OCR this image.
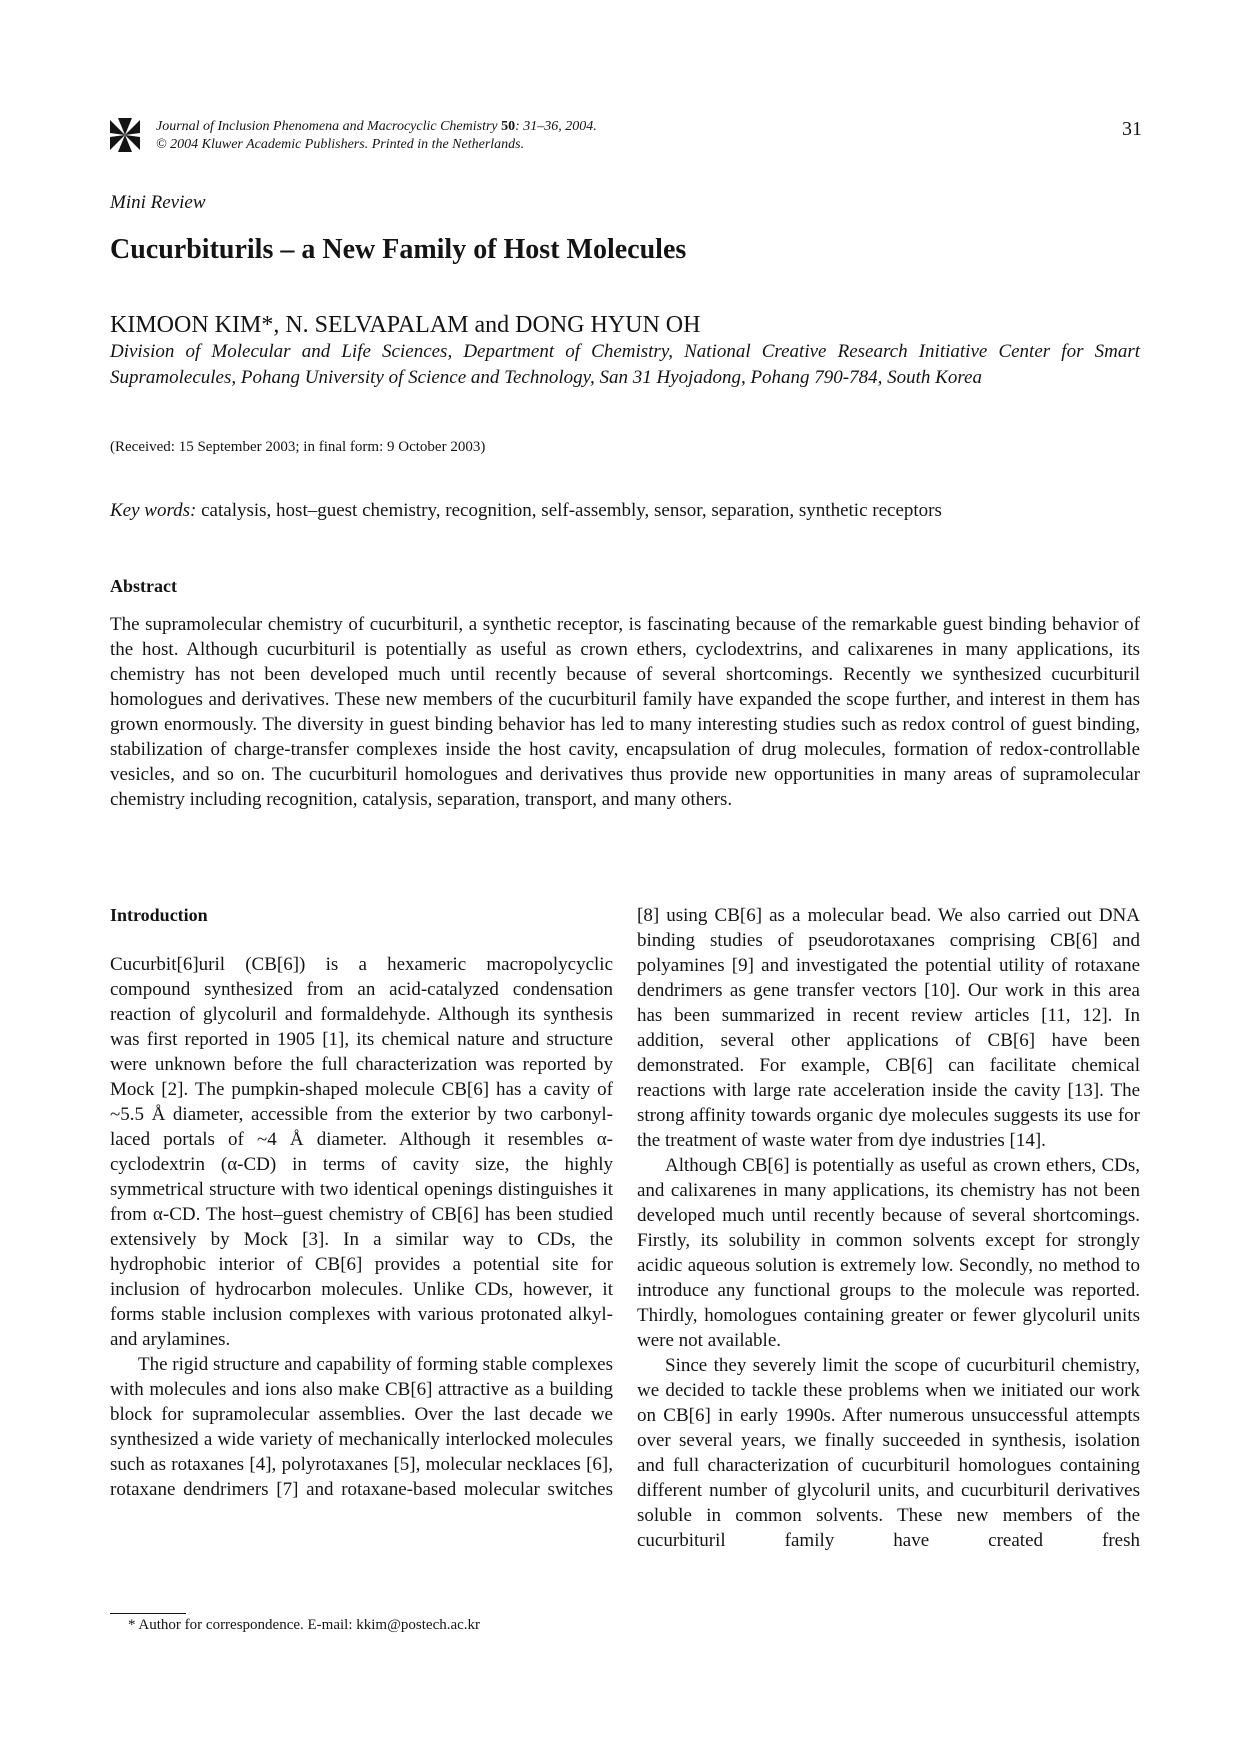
Journal of Inclusion Phenomena and Macrocyclic Chemistry 50: 31–36, 2004.
© 2004 Kluwer Academic Publishers. Printed in the Netherlands.
31
Mini Review
Cucurbiturils – a New Family of Host Molecules
KIMOON KIM*, N. SELVAPALAM and DONG HYUN OH
Division of Molecular and Life Sciences, Department of Chemistry, National Creative Research Initiative Center for Smart Supramolecules, Pohang University of Science and Technology, San 31 Hyojadong, Pohang 790-784, South Korea
(Received: 15 September 2003; in final form: 9 October 2003)
Key words: catalysis, host–guest chemistry, recognition, self-assembly, sensor, separation, synthetic receptors
Abstract

The supramolecular chemistry of cucurbituril, a synthetic receptor, is fascinating because of the remarkable guest binding behavior of the host. Although cucurbituril is potentially as useful as crown ethers, cyclodextrins, and calixarenes in many applications, its chemistry has not been developed much until recently because of several shortcomings. Recently we synthesized cucurbituril homologues and derivatives. These new members of the cucurbituril family have expanded the scope further, and interest in them has grown enormously. The diversity in guest binding behavior has led to many interesting studies such as redox control of guest binding, stabilization of charge-transfer complexes inside the host cavity, encapsulation of drug molecules, formation of redox-controllable vesicles, and so on. The cucurbituril homologues and derivatives thus provide new opportunities in many areas of supramolecular chemistry including recognition, catalysis, separation, transport, and many others.

Introduction

Cucurbit[6]uril (CB[6]) is a hexameric macropolycyclic compound synthesized from an acid-catalyzed condensation reaction of glycoluril and formaldehyde. Although its synthesis was first reported in 1905 [1], its chemical nature and structure were unknown before the full characterization was reported by Mock [2]. The pumpkin-shaped molecule CB[6] has a cavity of ~5.5 Å diameter, accessible from the exterior by two carbonyl-laced portals of ~4 Å diameter. Although it resembles α-cyclodextrin (α-CD) in terms of cavity size, the highly symmetrical structure with two identical openings distinguishes it from α-CD. The host–guest chemistry of CB[6] has been studied extensively by Mock [3]. In a similar way to CDs, the hydrophobic interior of CB[6] provides a potential site for inclusion of hydrocarbon molecules. Unlike CDs, however, it forms stable inclusion complexes with various protonated alkyl- and arylamines.

The rigid structure and capability of forming stable complexes with molecules and ions also make CB[6] attractive as a building block for supramolecular assemblies. Over the last decade we synthesized a wide variety of mechanically interlocked molecules such as rotaxanes [4], polyrotaxanes [5], molecular necklaces [6], rotaxane dendrimers [7] and rotaxane-based molecular switches

[8] using CB[6] as a molecular bead. We also carried out DNA binding studies of pseudorotaxanes comprising CB[6] and polyamines [9] and investigated the potential utility of rotaxane dendrimers as gene transfer vectors [10]. Our work in this area has been summarized in recent review articles [11, 12]. In addition, several other applications of CB[6] have been demonstrated. For example, CB[6] can facilitate chemical reactions with large rate acceleration inside the cavity [13]. The strong affinity towards organic dye molecules suggests its use for the treatment of waste water from dye industries [14].

Although CB[6] is potentially as useful as crown ethers, CDs, and calixarenes in many applications, its chemistry has not been developed much until recently because of several shortcomings. Firstly, its solubility in common solvents except for strongly acidic aqueous solution is extremely low. Secondly, no method to introduce any functional groups to the molecule was reported. Thirdly, homologues containing greater or fewer glycoluril units were not available.

Since they severely limit the scope of cucurbituril chemistry, we decided to tackle these problems when we initiated our work on CB[6] in early 1990s. After numerous unsuccessful attempts over several years, we finally succeeded in synthesis, isolation and full characterization of cucurbituril homologues containing different number of glycoluril units, and cucurbituril derivatives soluble in common solvents. These new members of the cucurbituril family have created fresh

* Author for correspondence. E-mail: kkim@postech.ac.kr
